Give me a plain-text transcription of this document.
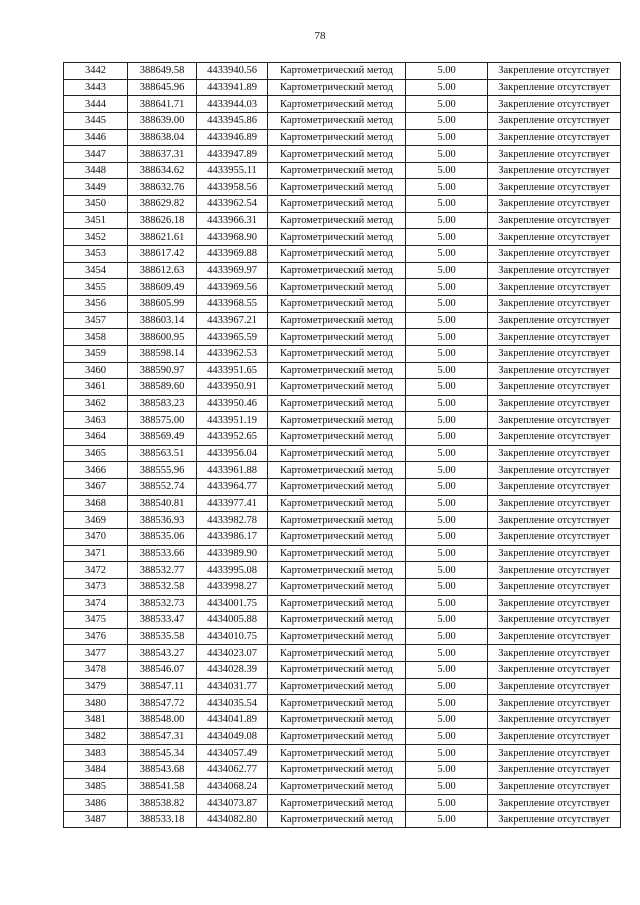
78
3442	388649.58	4433940.56	Картометрический метод	5.00	Закрепление отсутствует
3443	388645.96	4433941.89	Картометрический метод	5.00	Закрепление отсутствует
3444	388641.71	4433944.03	Картометрический метод	5.00	Закрепление отсутствует
3445	388639.00	4433945.86	Картометрический метод	5.00	Закрепление отсутствует
3446	388638.04	4433946.89	Картометрический метод	5.00	Закрепление отсутствует
3447	388637.31	4433947.89	Картометрический метод	5.00	Закрепление отсутствует
3448	388634.62	4433955.11	Картометрический метод	5.00	Закрепление отсутствует
3449	388632.76	4433958.56	Картометрический метод	5.00	Закрепление отсутствует
3450	388629.82	4433962.54	Картометрический метод	5.00	Закрепление отсутствует
3451	388626.18	4433966.31	Картометрический метод	5.00	Закрепление отсутствует
3452	388621.61	4433968.90	Картометрический метод	5.00	Закрепление отсутствует
3453	388617.42	4433969.88	Картометрический метод	5.00	Закрепление отсутствует
3454	388612.63	4433969.97	Картометрический метод	5.00	Закрепление отсутствует
3455	388609.49	4433969.56	Картометрический метод	5.00	Закрепление отсутствует
3456	388605.99	4433968.55	Картометрический метод	5.00	Закрепление отсутствует
3457	388603.14	4433967.21	Картометрический метод	5.00	Закрепление отсутствует
3458	388600.95	4433965.59	Картометрический метод	5.00	Закрепление отсутствует
3459	388598.14	4433962.53	Картометрический метод	5.00	Закрепление отсутствует
3460	388590.97	4433951.65	Картометрический метод	5.00	Закрепление отсутствует
3461	388589.60	4433950.91	Картометрический метод	5.00	Закрепление отсутствует
3462	388583.23	4433950.46	Картометрический метод	5.00	Закрепление отсутствует
3463	388575.00	4433951.19	Картометрический метод	5.00	Закрепление отсутствует
3464	388569.49	4433952.65	Картометрический метод	5.00	Закрепление отсутствует
3465	388563.51	4433956.04	Картометрический метод	5.00	Закрепление отсутствует
3466	388555.96	4433961.88	Картометрический метод	5.00	Закрепление отсутствует
3467	388552.74	4433964.77	Картометрический метод	5.00	Закрепление отсутствует
3468	388540.81	4433977.41	Картометрический метод	5.00	Закрепление отсутствует
3469	388536.93	4433982.78	Картометрический метод	5.00	Закрепление отсутствует
3470	388535.06	4433986.17	Картометрический метод	5.00	Закрепление отсутствует
3471	388533.66	4433989.90	Картометрический метод	5.00	Закрепление отсутствует
3472	388532.77	4433995.08	Картометрический метод	5.00	Закрепление отсутствует
3473	388532.58	4433998.27	Картометрический метод	5.00	Закрепление отсутствует
3474	388532.73	4434001.75	Картометрический метод	5.00	Закрепление отсутствует
3475	388533.47	4434005.88	Картометрический метод	5.00	Закрепление отсутствует
3476	388535.58	4434010.75	Картометрический метод	5.00	Закрепление отсутствует
3477	388543.27	4434023.07	Картометрический метод	5.00	Закрепление отсутствует
3478	388546.07	4434028.39	Картометрический метод	5.00	Закрепление отсутствует
3479	388547.11	4434031.77	Картометрический метод	5.00	Закрепление отсутствует
3480	388547.72	4434035.54	Картометрический метод	5.00	Закрепление отсутствует
3481	388548.00	4434041.89	Картометрический метод	5.00	Закрепление отсутствует
3482	388547.31	4434049.08	Картометрический метод	5.00	Закрепление отсутствует
3483	388545.34	4434057.49	Картометрический метод	5.00	Закрепление отсутствует
3484	388543.68	4434062.77	Картометрический метод	5.00	Закрепление отсутствует
3485	388541.58	4434068.24	Картометрический метод	5.00	Закрепление отсутствует
3486	388538.82	4434073.87	Картометрический метод	5.00	Закрепление отсутствует
3487	388533.18	4434082.80	Картометрический метод	5.00	Закрепление отсутствует
